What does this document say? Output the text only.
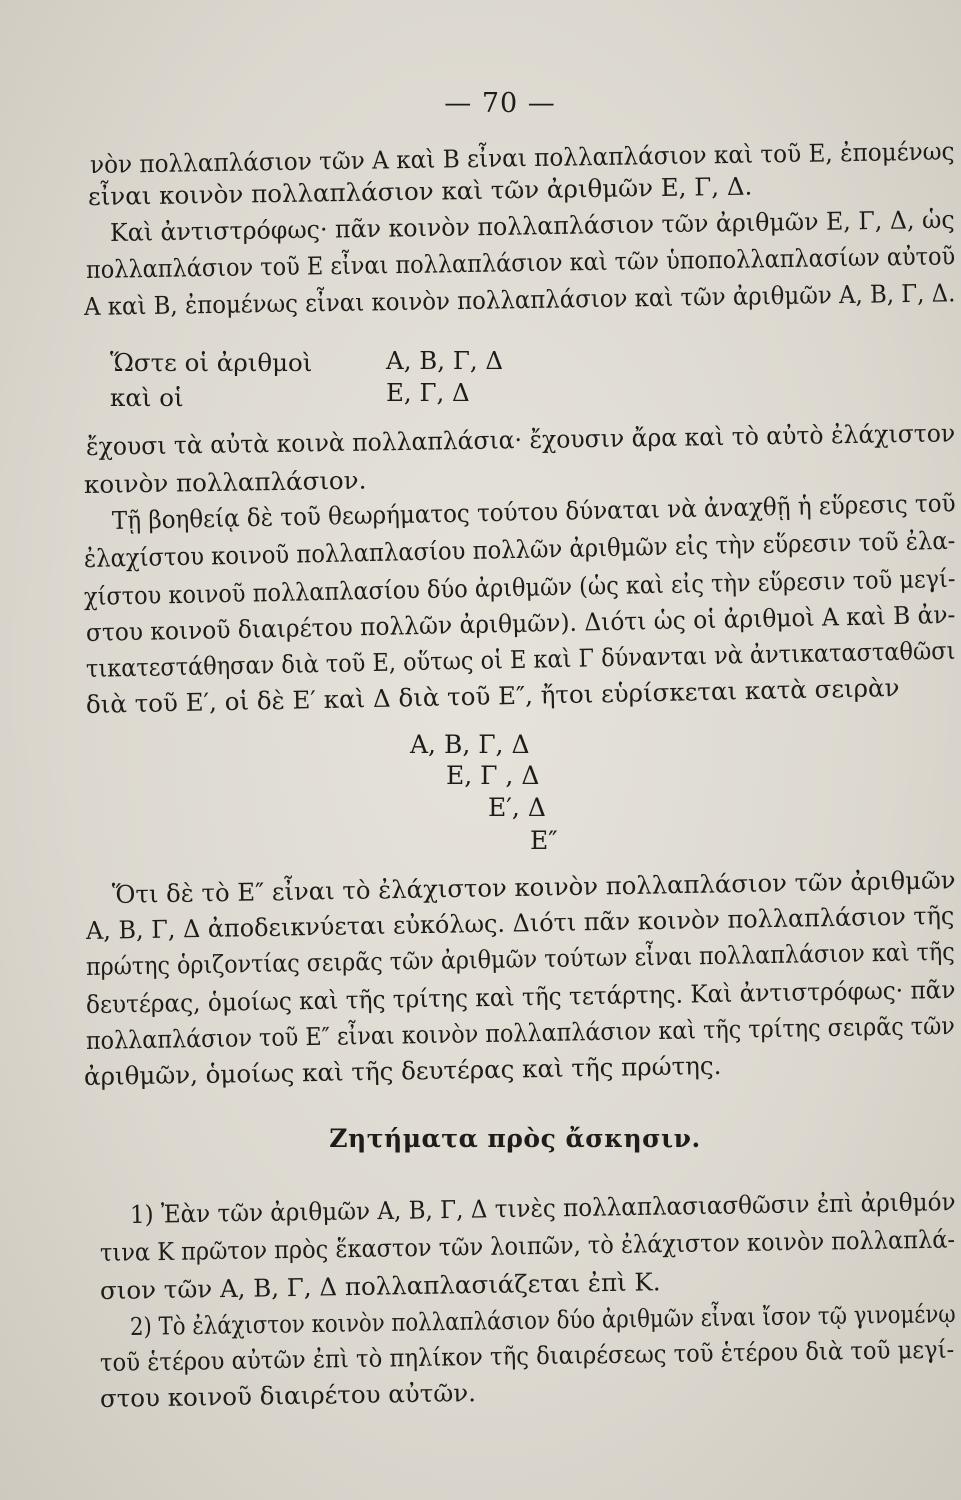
— 70 —
νὸν πολλαπλάσιον τῶν Α καὶ Β εἶναι πολλαπλάσιον καὶ τοῦ Ε, ἐπομένως
εἶναι κοινὸν πολλαπλάσιον καὶ τῶν ἀριθμῶν Ε, Γ, Δ.
Καὶ ἀντιστρόφως· πᾶν κοινὸν πολλαπλάσιον τῶν ἀριθμῶν Ε, Γ, Δ, ὡς
πολλαπλάσιον τοῦ Ε εἶναι πολλαπλάσιον καὶ τῶν ὑποπολλαπλασίων αὐτοῦ
Α καὶ Β, ἐπομένως εἶναι κοινὸν πολλαπλάσιον καὶ τῶν ἀριθμῶν Α, Β, Γ, Δ.
Ὥστε οἱ ἀριθμοὶ	Α, Β, Γ, Δ
καὶ οἱ	Ε, Γ, Δ
ἔχουσι τὰ αὐτὰ κοινὰ πολλαπλάσια· ἔχουσιν ἄρα καὶ τὸ αὐτὸ ἐλάχιστον
κοινὸν πολλαπλάσιον.
Τῇ βοηθείᾳ δὲ τοῦ θεωρήματος τούτου δύναται νὰ ἀναχθῇ ἡ εὕρεσις τοῦ
ἐλαχίστου κοινοῦ πολλαπλασίου πολλῶν ἀριθμῶν εἰς τὴν εὕρεσιν τοῦ ἐλα-
χίστου κοινοῦ πολλαπλασίου δύο ἀριθμῶν (ὡς καὶ εἰς τὴν εὕρεσιν τοῦ μεγί-
στου κοινοῦ διαιρέτου πολλῶν ἀριθμῶν). Διότι ὡς οἱ ἀριθμοὶ Α καὶ Β ἀν-
τικατεστάθησαν διὰ τοῦ Ε, οὕτως οἱ Ε καὶ Γ δύνανται νὰ ἀντικατασταθῶσι
διὰ τοῦ Ε′, οἱ δὲ Ε′ καὶ Δ διὰ τοῦ Ε″, ἤτοι εὑρίσκεται κατὰ σειρὰν
Α, Β, Γ, Δ
Ε, Γ , Δ
Ε′, Δ
Ε″
Ὅτι δὲ τὸ Ε″ εἶναι τὸ ἐλάχιστον κοινὸν πολλαπλάσιον τῶν ἀριθμῶν
Α, Β, Γ, Δ ἀποδεικνύεται εὐκόλως. Διότι πᾶν κοινὸν πολλαπλάσιον τῆς
πρώτης ὁριζοντίας σειρᾶς τῶν ἀριθμῶν τούτων εἶναι πολλαπλάσιον καὶ τῆς
δευτέρας, ὁμοίως καὶ τῆς τρίτης καὶ τῆς τετάρτης. Καὶ ἀντιστρόφως· πᾶν
πολλαπλάσιον τοῦ Ε″ εἶναι κοινὸν πολλαπλάσιον καὶ τῆς τρίτης σειρᾶς τῶν
ἀριθμῶν, ὁμοίως καὶ τῆς δευτέρας καὶ τῆς πρώτης.
Ζητήματα πρὸς ἄσκησιν.
1) Ἐὰν τῶν ἀριθμῶν Α, Β, Γ, Δ τινὲς πολλαπλασιασθῶσιν ἐπὶ ἀριθμόν
τινα Κ πρῶτον πρὸς ἕκαστον τῶν λοιπῶν, τὸ ἐλάχιστον κοινὸν πολλαπλά-
σιον τῶν Α, Β, Γ, Δ πολλαπλασιάζεται ἐπὶ Κ.
2) Τὸ ἐλάχιστον κοινὸν πολλαπλάσιον δύο ἀριθμῶν εἶναι ἴσον τῷ γινομένῳ
τοῦ ἑτέρου αὐτῶν ἐπὶ τὸ πηλίκον τῆς διαιρέσεως τοῦ ἑτέρου διὰ τοῦ μεγί-
στου κοινοῦ διαιρέτου αὐτῶν.
